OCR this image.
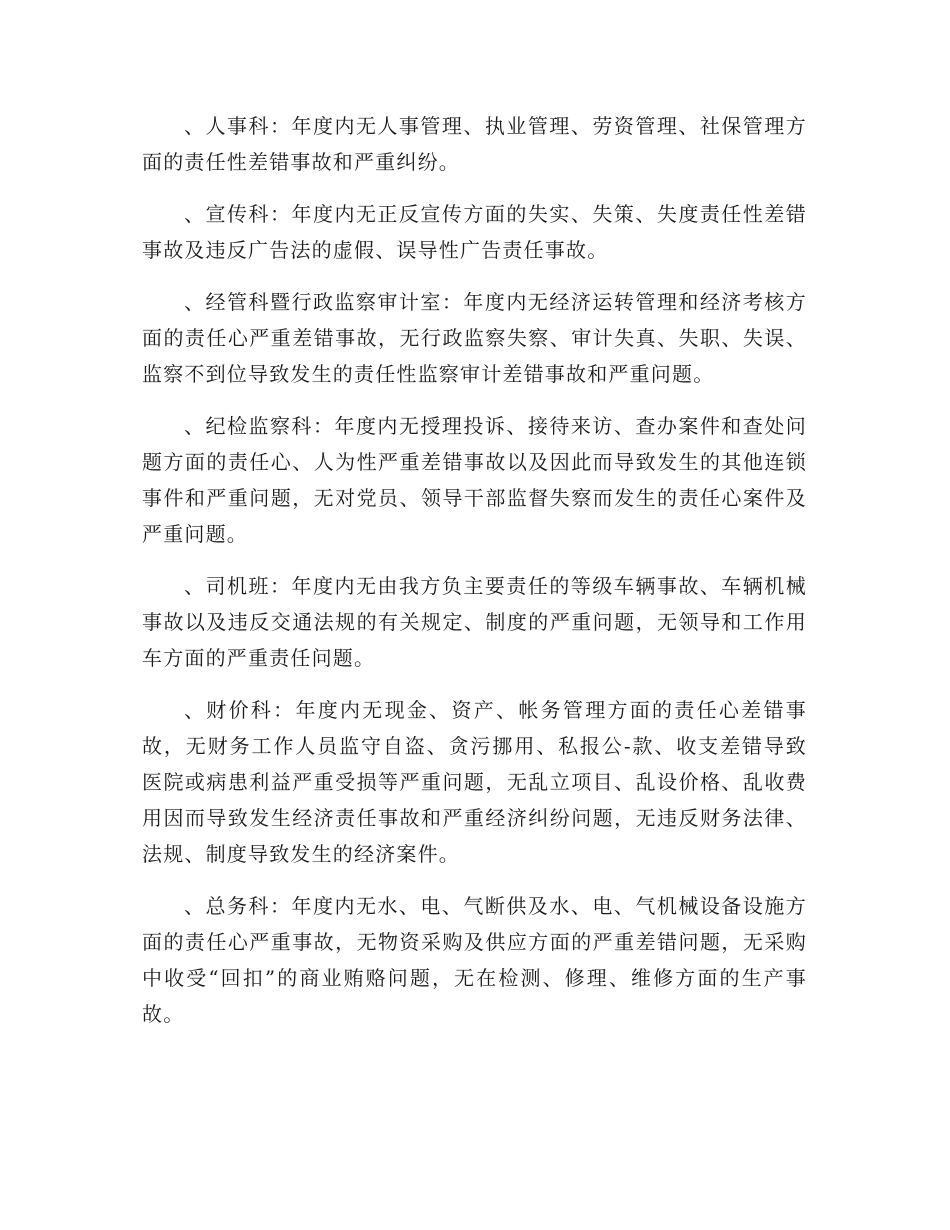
、人事科：年度内无人事管理、执业管理、劳资管理、社保管理方面的责任性差错事故和严重纠纷。

、宣传科：年度内无正反宣传方面的失实、失策、失度责任性差错事故及违反广告法的虚假、误导性广告责任事故。

、经管科暨行政监察审计室：年度内无经济运转管理和经济考核方面的责任心严重差错事故，无行政监察失察、审计失真、失职、失误、监察不到位导致发生的责任性监察审计差错事故和严重问题。

、纪检监察科：年度内无授理投诉、接待来访、查办案件和查处问题方面的责任心、人为性严重差错事故以及因此而导致发生的其他连锁事件和严重问题，无对党员、领导干部监督失察而发生的责任心案件及严重问题。

、司机班：年度内无由我方负主要责任的等级车辆事故、车辆机械事故以及违反交通法规的有关规定、制度的严重问题，无领导和工作用车方面的严重责任问题。

、财价科：年度内无现金、资产、帐务管理方面的责任心差错事故，无财务工作人员监守自盗、贪污挪用、私报公-款、收支差错导致医院或病患利益严重受损等严重问题，无乱立项目、乱设价格、乱收费用因而导致发生经济责任事故和严重经济纠纷问题，无违反财务法律、法规、制度导致发生的经济案件。

、总务科：年度内无水、电、气断供及水、电、气机械设备设施方面的责任心严重事故，无物资采购及供应方面的严重差错问题，无采购中收受“回扣”的商业贿赂问题，无在检测、修理、维修方面的生产事故。
